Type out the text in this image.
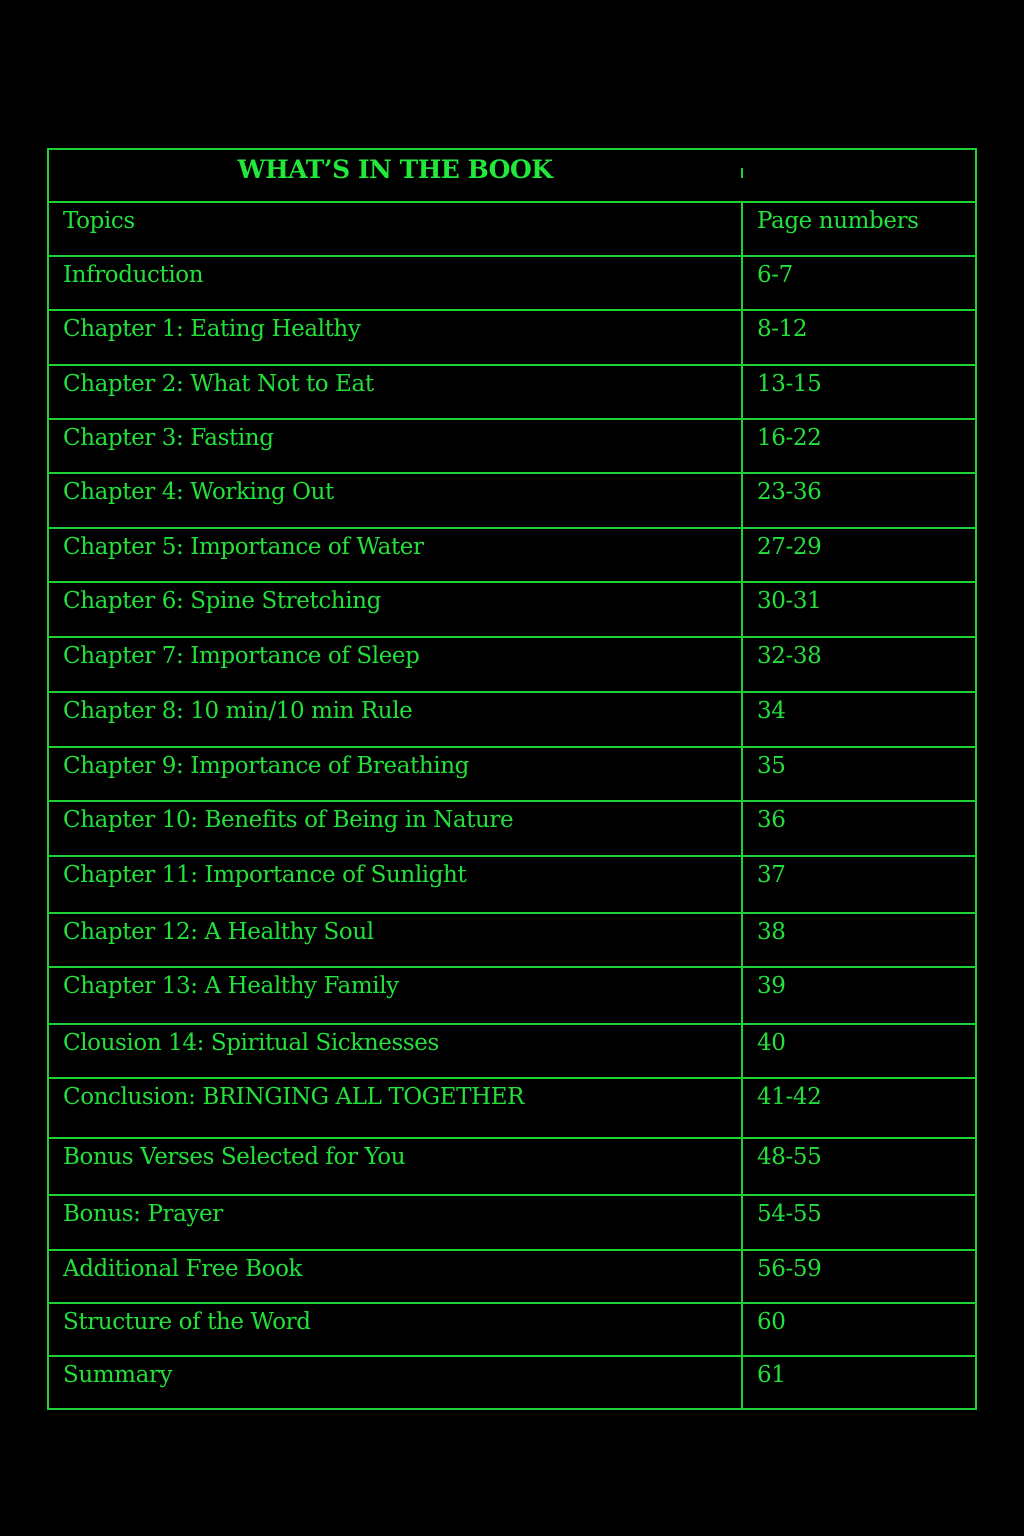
WHAT’S IN THE BOOK
Topics	Page numbers
Infroduction	6-7
Chapter 1: Eating Healthy	8-12
Chapter 2: What Not to Eat	13-15
Chapter 3: Fasting	16-22
Chapter 4: Working Out	23-36
Chapter 5: Importance of Water	27-29
Chapter 6: Spine Stretching	30-31
Chapter 7: Importance of Sleep	32-38
Chapter 8: 10 min/10 min Rule	34
Chapter 9: Importance of Breathing	35
Chapter 10: Benefits of Being in Nature	36
Chapter 11: Importance of Sunlight	37
Chapter 12: A Healthy Soul	38
Chapter 13: A Healthy Family	39
Clousion 14: Spiritual Sicknesses	40
Conclusion: BRINGING ALL TOGETHER	41-42
Bonus Verses Selected for You	48-55
Bonus: Prayer	54-55
Additional Free Book	56-59
Structure of the Word	60
Summary	61
